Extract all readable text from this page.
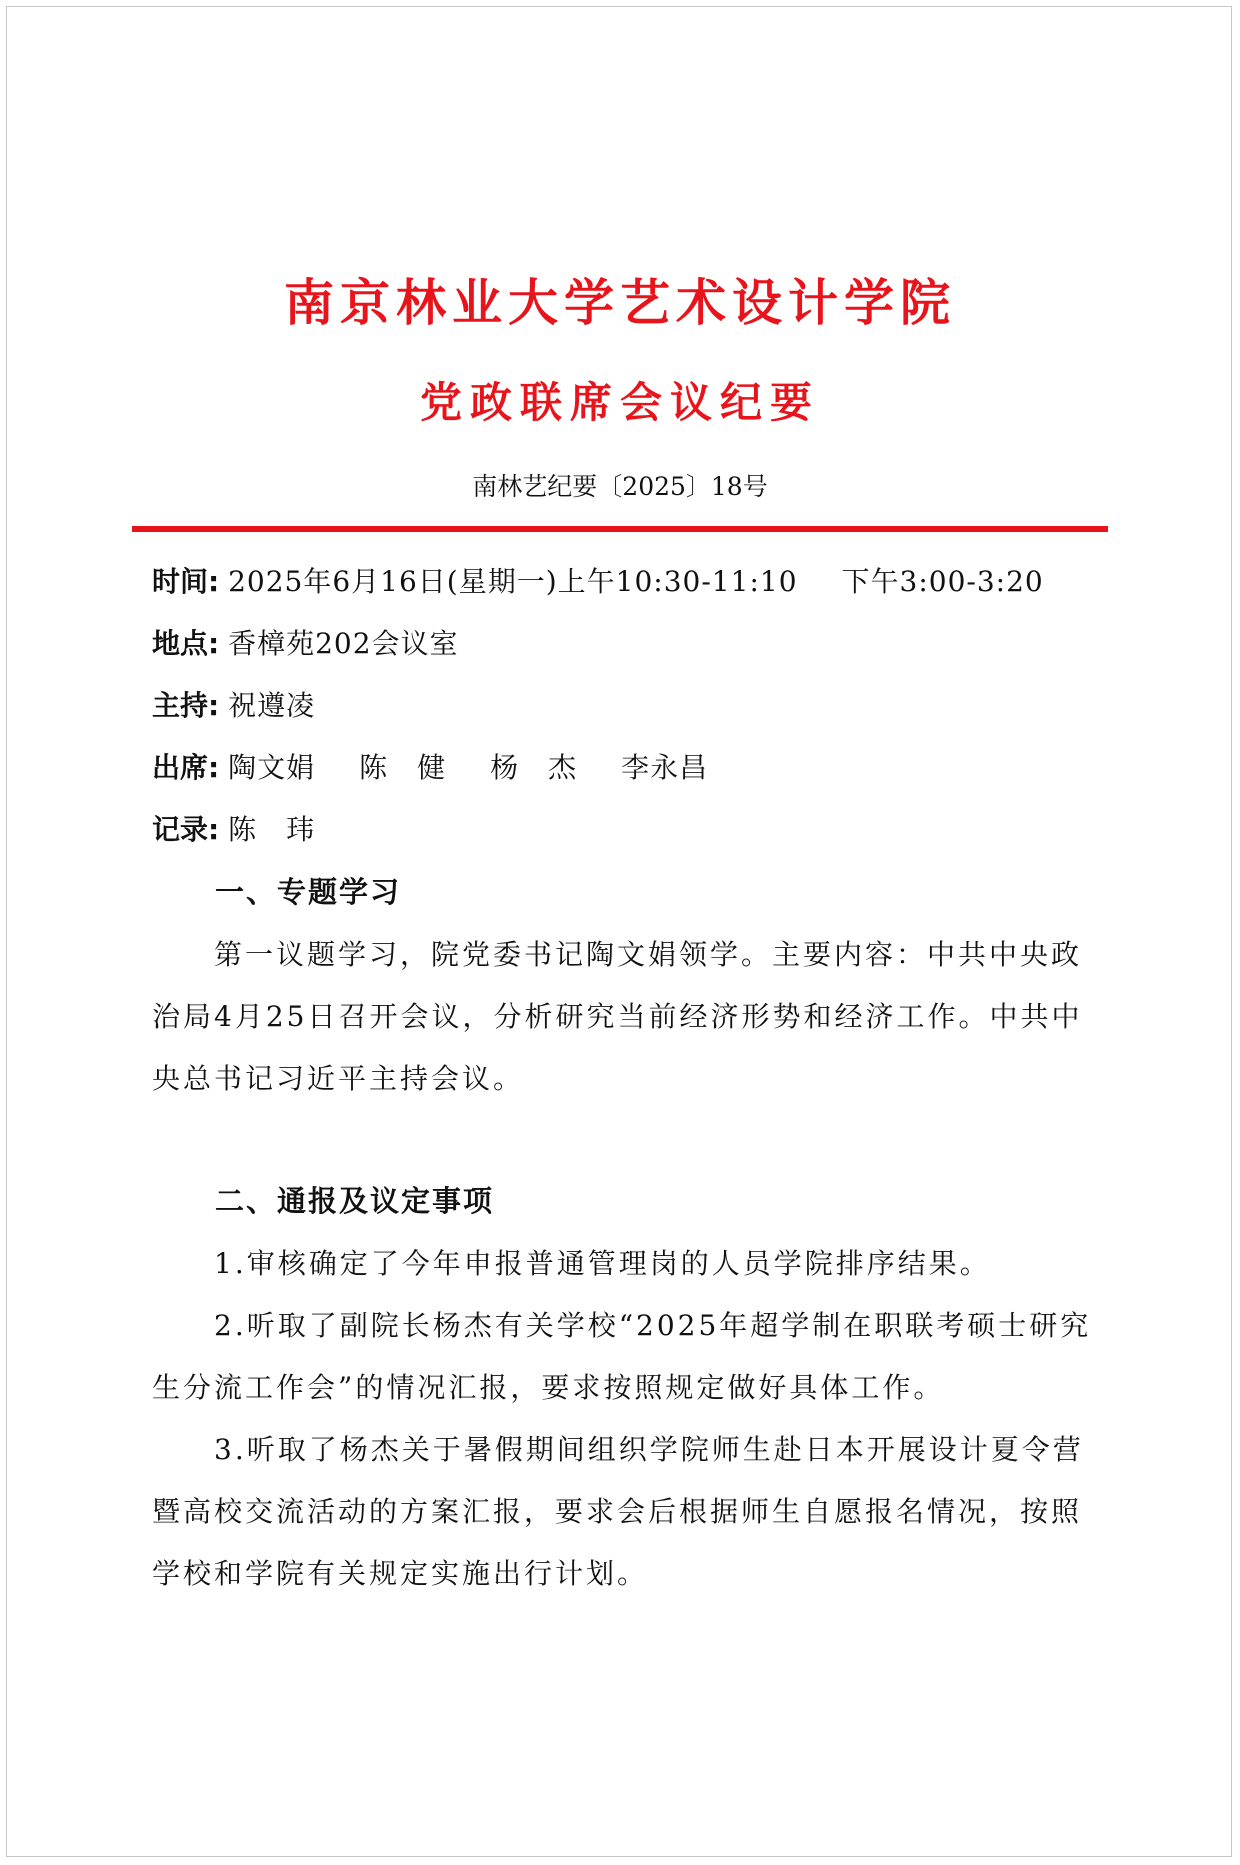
南京林业大学艺术设计学院
党政联席会议纪要
南林艺纪要〔2025〕18号
时间: 2025年6月16日(星期一)上午10:30-11:10 下午3:00-3:20
地点: 香樟苑202会议室
主持: 祝遵凌
出席: 陶文娟 陈　健 杨　杰 李永昌
记录: 陈　玮
一、专题学习
第一议题学习，院党委书记陶文娟领学。主要内容：中共中央政治局4月25日召开会议，分析研究当前经济形势和经济工作。中共中央总书记习近平主持会议。
二、通报及议定事项
1.审核确定了今年申报普通管理岗的人员学院排序结果。
2.听取了副院长杨杰有关学校“2025年超学制在职联考硕士研究生分流工作会”的情况汇报，要求按照规定做好具体工作。
3.听取了杨杰关于暑假期间组织学院师生赴日本开展设计夏令营暨高校交流活动的方案汇报，要求会后根据师生自愿报名情况，按照学校和学院有关规定实施出行计划。
